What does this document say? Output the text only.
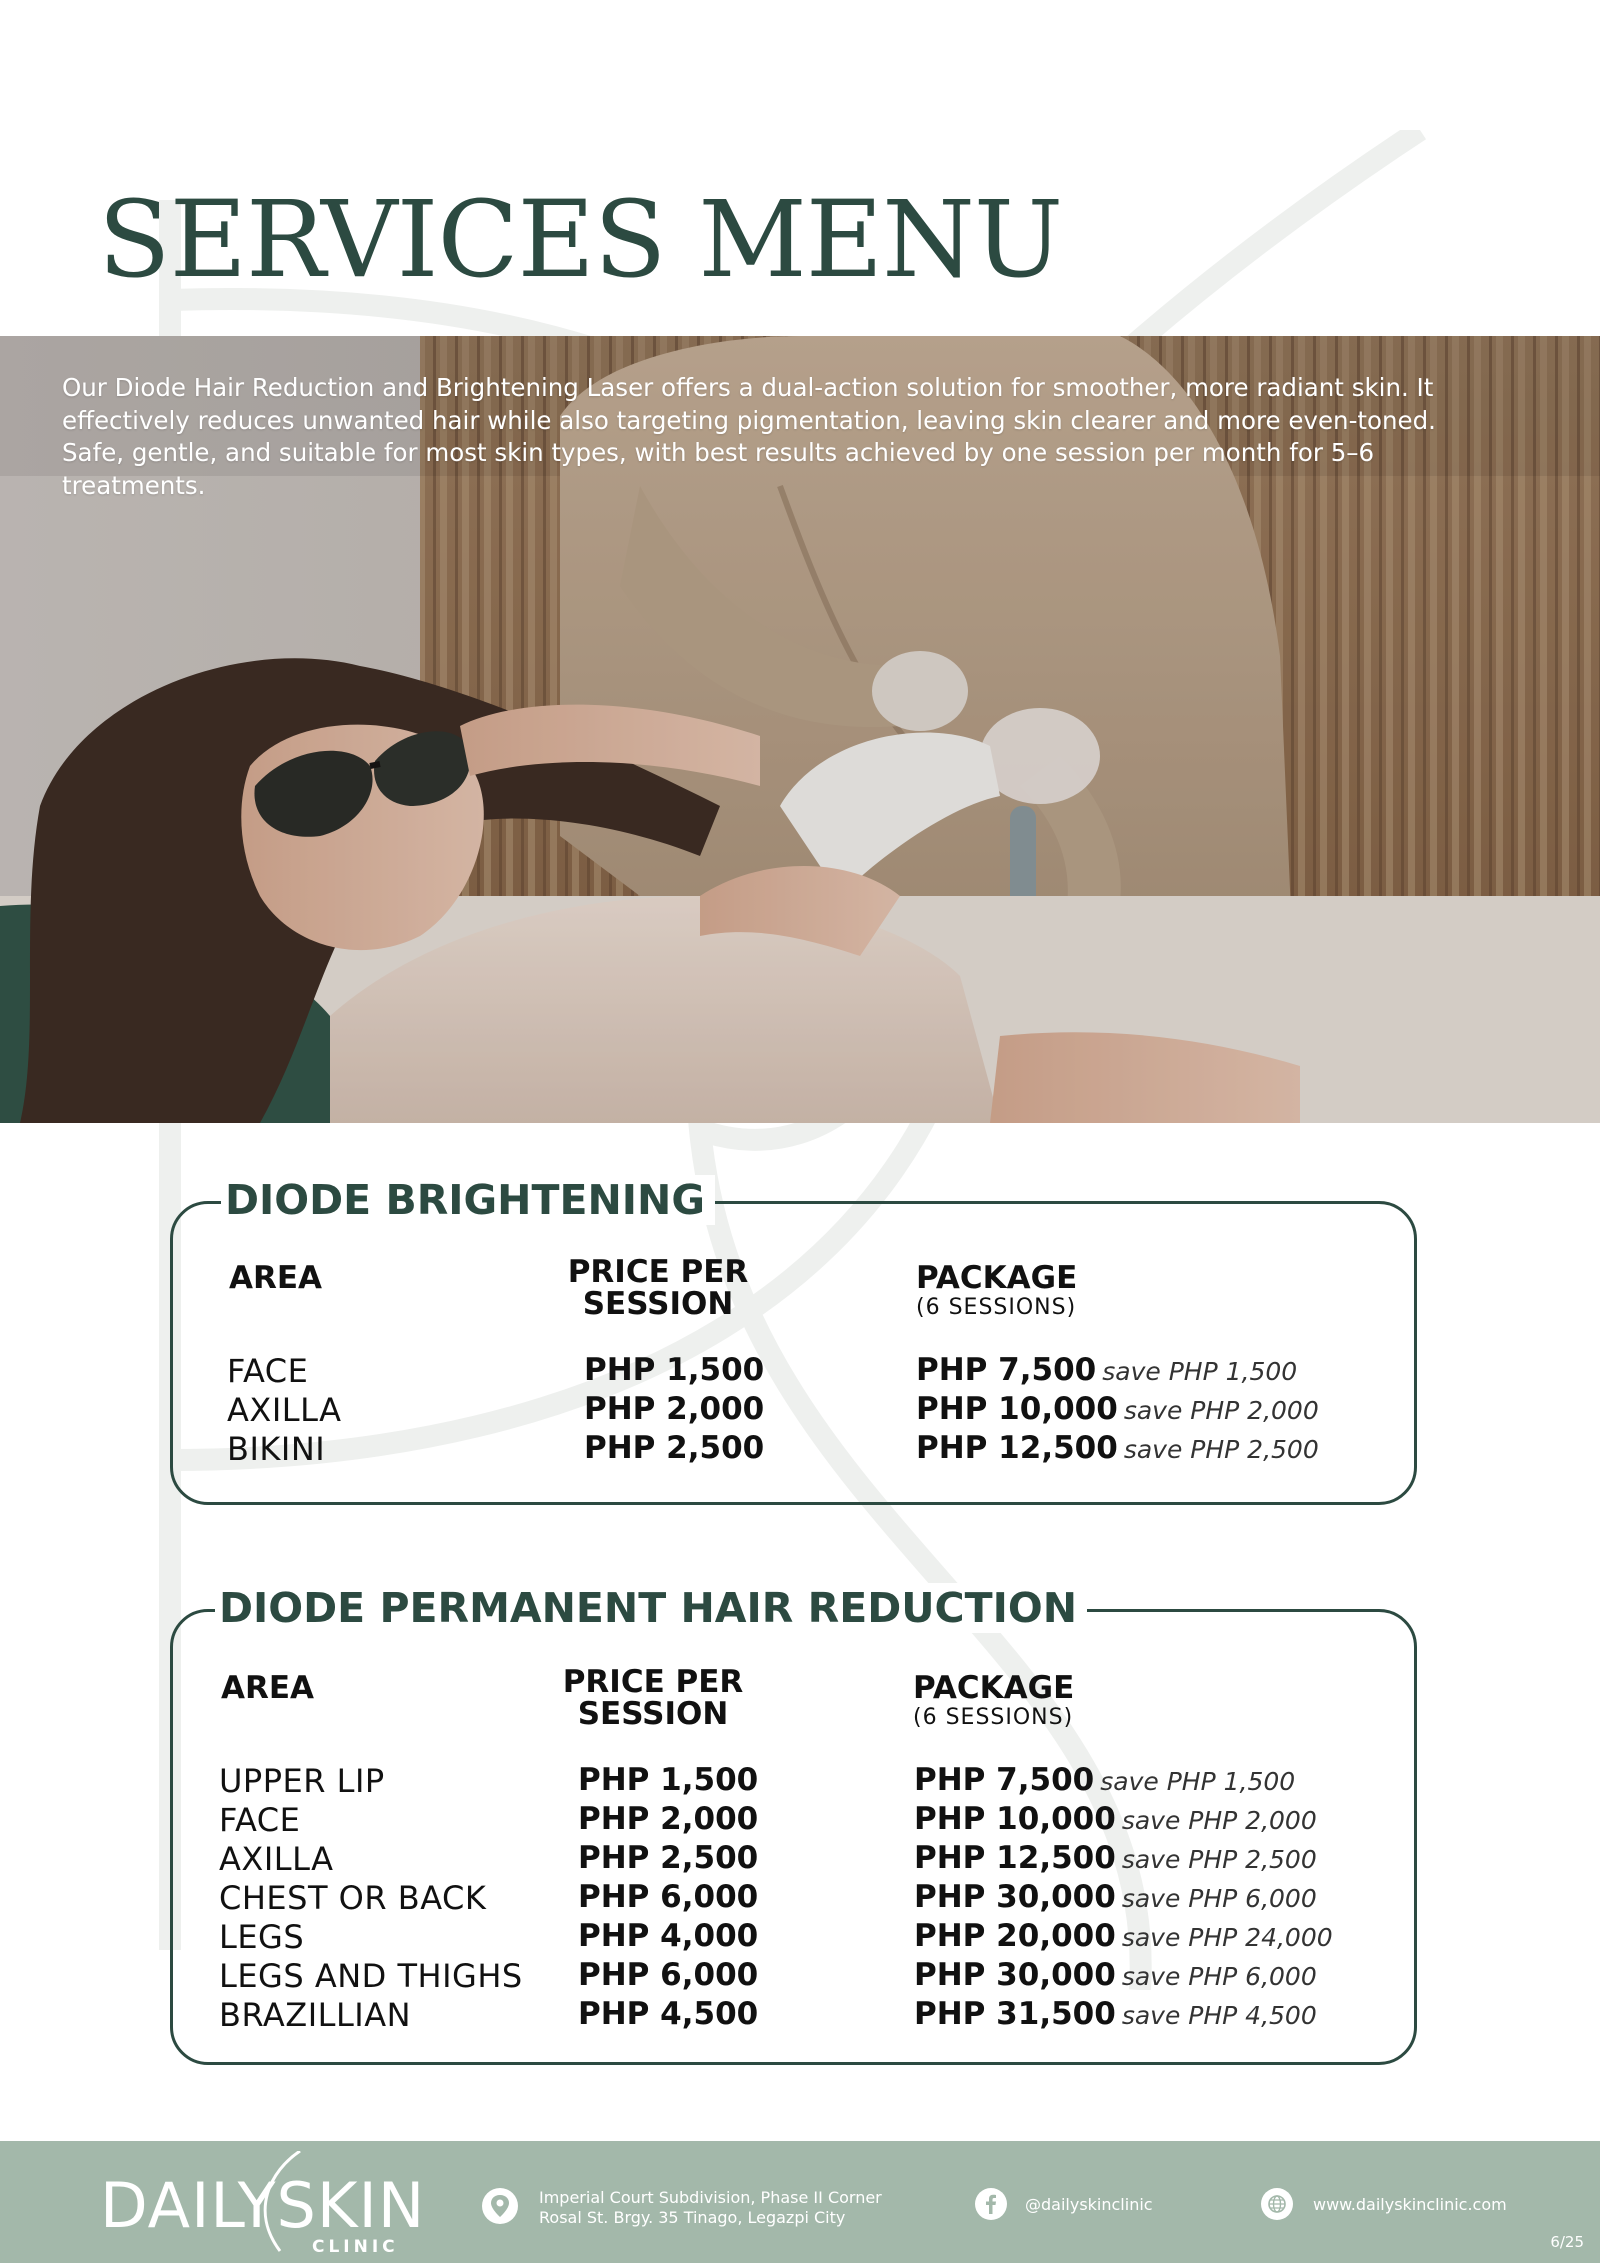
SERVICES MENU

Our Diode Hair Reduction and Brightening Laser offers a dual-action solution for smoother, more radiant skin. It effectively reduces unwanted hair while also targeting pigmentation, leaving skin clearer and more even-toned. Safe, gentle, and suitable for most skin types, with best results achieved by one session per month for 5–6 treatments.

DIODE BRIGHTENING
AREA	PRICE PER SESSION
PACKAGE
(6 SESSIONS)
FACE	PHP 1,500	PHP 7,500 save PHP 1,500
AXILLA	PHP 2,000	PHP 10,000 save PHP 2,000
BIKINI	PHP 2,500	PHP 12,500 save PHP 2,500
DIODE PERMANENT HAIR REDUCTION
AREA	PRICE PER SESSION
PACKAGE
(6 SESSIONS)
UPPER LIP	PHP 1,500	PHP 7,500 save PHP 1,500
FACE	PHP 2,000	PHP 10,000 save PHP 2,000
AXILLA	PHP 2,500	PHP 12,500 save PHP 2,500
CHEST OR BACK	PHP 6,000	PHP 30,000 save PHP 6,000
LEGS	PHP 4,000	PHP 20,000 save PHP 24,000
LEGS AND THIGHS PHP 6,000	PHP 30,000 save PHP 6,000
BRAZILLIAN	PHP 4,500	PHP 31,500 save PHP 4,500
DAILYSKIN
CLINIC
Imperial Court Subdivision, Phase II Corner
Rosal St. Brgy. 35 Tinago, Legazpi City
@dailyskinclinic	www.dailyskinclinic.com
6/25
